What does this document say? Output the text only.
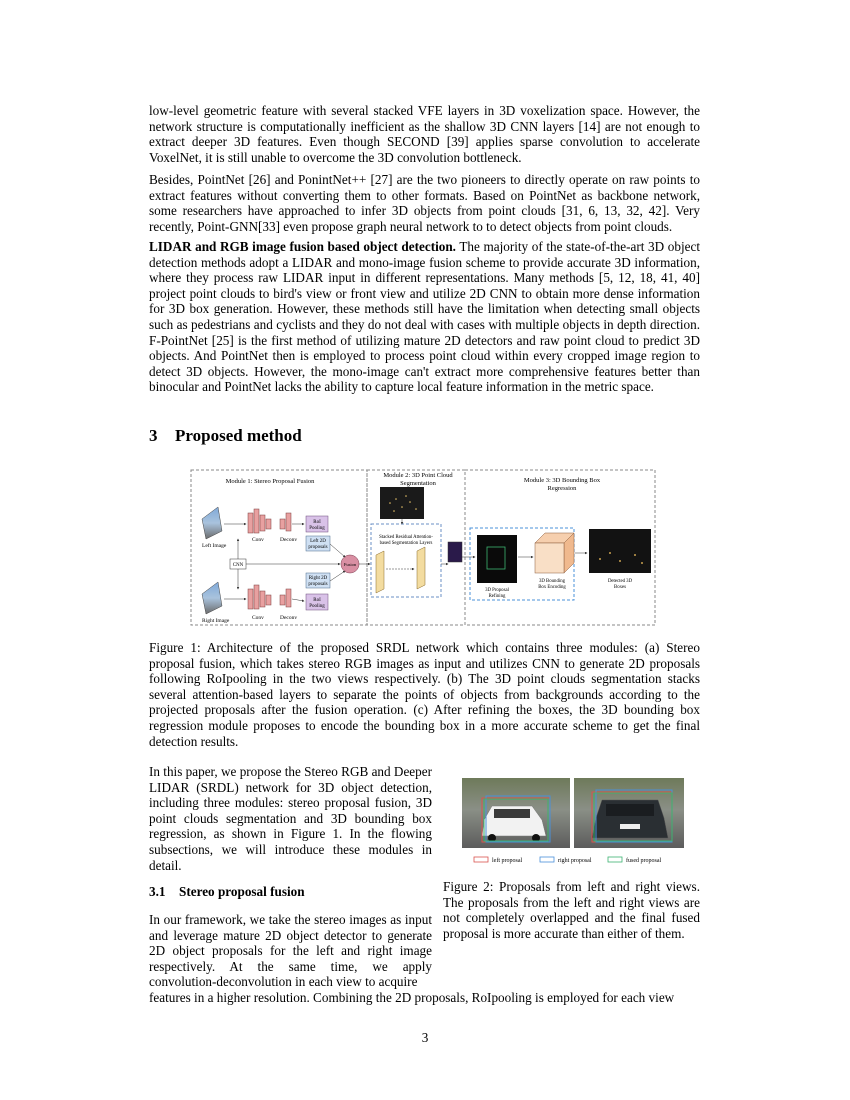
low-level geometric feature with several stacked VFE layers in 3D voxelization space. However, the network structure is computationally inefficient as the shallow 3D CNN layers [14] are not enough to extract deeper 3D features. Even though SECOND [39] applies sparse convolution to accelerate VoxelNet, it is still unable to overcome the 3D convolution bottleneck.

Besides, PointNet [26] and PonintNet++ [27] are the two pioneers to directly operate on raw points to extract features without converting them to other formats. Based on PointNet as backbone network, some researchers have approached to infer 3D objects from point clouds [31, 6, 13, 32, 42]. Very recently, Point-GNN[33] even propose graph neural network to to detect objects from point clouds.

LIDAR and RGB image fusion based object detection. The majority of the state-of-the-art 3D object detection methods adopt a LIDAR and mono-image fusion scheme to provide accurate 3D information, where they process raw LIDAR input in different representations. Many methods [5, 12, 18, 41, 40] project point clouds to bird's view or front view and utilize 2D CNN to obtain more dense information for 3D box generation. However, these methods still have the limitation when detecting small objects such as pedestrians and cyclists and they do not deal with cases with multiple objects in depth direction. F-PointNet [25] is the first method of utilizing mature 2D detectors and raw point cloud to predict 3D objects. And PointNet then is employed to process point cloud within every cropped image region to detect 3D objects. However, the mono-image can't extract more comprehensive features better than binocular and PointNet lacks the ability to capture local feature information in the metric space.

3 Proposed method
Module 1: Stereo Proposal Fusion
Module 2: 3D Point Cloud
Segmentation	Module 3: 3D Bounding Box
Regression
Left Image
Right Image
Conv	Deconv
Conv	Deconv
RoI
Pooling
RoI
Pooling
Left 2D
proposals
Right 2D
proposals
CNN	Fusion
Stacked Residual Attention-
based Segmentation Layers
3D Proposal
Refining
3D Bounding
Box Encoding
Detected 3D
Boxes

Figure 1: Architecture of the proposed SRDL network which contains three modules: (a) Stereo proposal fusion, which takes stereo RGB images as input and utilizes CNN to generate 2D proposals following RoIpooling in the two views respectively. (b) The 3D point clouds segmentation stacks several attention-based layers to separate the points of objects from backgrounds according to the projected proposals after the fusion operation. (c) After refining the boxes, the 3D bounding box regression module proposes to encode the bounding box in a more accurate scheme to get the final detection results.

In this paper, we propose the Stereo RGB and Deeper LIDAR (SRDL) network for 3D object detection, including three modules: stereo proposal fusion, 3D point clouds segmentation and 3D bounding box regression, as shown in Figure 1. In the flowing subsections, we will introduce these modules in detail.

3.1 Stereo proposal fusion

In our framework, we take the stereo images as input and leverage mature 2D object detector to generate 2D object proposals for the left and right image respectively. At the same time, we apply convolution-deconvolution in each view to acquire

features in a higher resolution. Combining the 2D proposals, RoIpooling is employed for each view

left proposal	right proposal	fused proposal

Figure 2: Proposals from left and right views. The proposals from the left and right views are not completely overlapped and the final fused proposal is more accurate than either of them.

3
